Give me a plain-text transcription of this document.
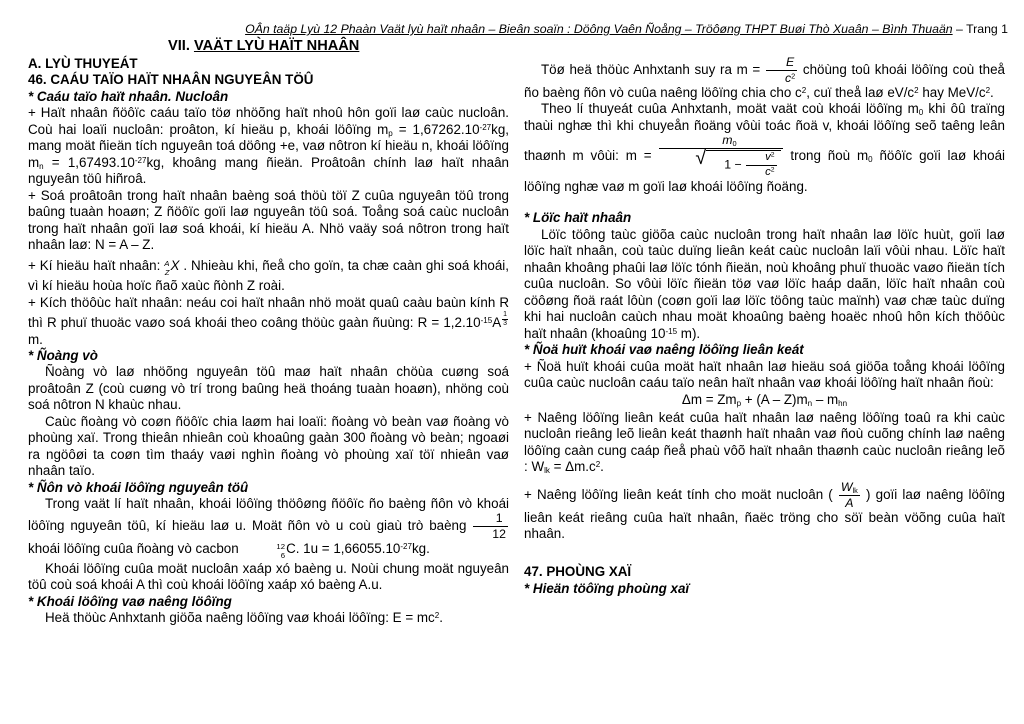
OÂn taäp Lyù 12 Phaàn Vaät lyù haït nhaân – Bieân soaïn : Döông Vaên Ñoång – Tröôøng THPT Buøi Thò Xuaân – Bình Thuaän – Trang 1
VII. VAÄT LYÙ HAÏT NHAÂN
A. LYÙ THUYEÁT
46. CAÁU TAÏO HAÏT NHAÂN NGUYEÂN TÖÛ
* Caáu taïo haït nhaân. Nucloân
+ Haït nhaân ñöôïc caáu taïo töø nhöõng haït nhoû hôn goïi laø caùc nucloân. Coù hai loaïi nucloân: proâton, kí hieäu p, khoái löôïng $m_p = 1,67262.10^{-27}kg$, mang moät ñieän tích nguyeân toá döông +e, vaø nôtron kí hieäu n, khoái löôïng $m_n = 1,67493.10^{-27}kg$, khoâng mang ñieän. Proâtoân chính laø haït nhaân nguyeân töû hiñroâ.
+ Soá proâtoân trong haït nhaân baèng soá thöù töï Z cuûa nguyeân töû trong baûng tuaàn hoaøn; Z ñöôïc goïi laø nguyeân töû soá. Toång soá caùc nucloân trong haït nhaân goïi laø soá khoái, kí hieäu A. Nhö vaäy soá nôtron trong haït nhaân laø: N = A – Z.
+ Kí hieäu haït nhaân: A
Z X . Nhieàu khi, ñeå cho goïn, ta chæ caàn ghi soá khoái, vì kí hieäu hoùa hoïc ñaõ xaùc ñònh Z roài.
+ Kích thöôùc haït nhaân: neáu coi haït nhaân nhö moät quaû caàu baùn kính R thì R phuï thuoäc vaøo soá khoái theo coâng thöùc gaàn ñuùng: $R = 1,2.10^{-15}A \frac{1}{3}$
m.
* Ñoàng vò
Ñoàng vò laø nhöõng nguyeân töû maø haït nhaân chöùa cuøng soá proâtoân Z (coù cuøng vò trí trong baûng heä thoáng tuaàn hoaøn), nhöng coù soá nôtron N khaùc nhau.
Caùc ñoàng vò coøn ñöôïc chia laøm hai loaïi: ñoàng vò beàn vaø ñoàng vò phoùng xaï. Trong thieân nhieân coù khoaûng gaàn 300 ñoàng vò beàn; ngoaøi ra ngöôøi ta coøn tìm thaáy vaøi nghìn ñoàng vò phoùng xaï töï nhieân vaø nhaân taïo.
* Ñôn vò khoái löôïng nguyeân töû
Trong vaät lí haït nhaân, khoái löôïng thöôøng ñöôïc ño baèng ñôn vò khoái löôïng nguyeân töû, kí hieäu laø u. Moät ñôn vò u coù giaù trò baèng $\frac{1}{12}$
khoái löôïng cuûa ñoàng vò cacbon	12
6 C. $1u = 1,66055.10^{-27}kg$.
Khoái löôïng cuûa moät nucloân xaáp xó baèng u. Noùi chung moät nguyeân töû coù soá khoái A thì coù khoái löôïng xaáp xó baèng A.u.
* Khoái löôïng vaø naêng löôïng
Heä thöùc Anhxtanh giöõa naêng löôïng vaø khoái löôïng: $E = mc^2$.
Töø heä thöùc Anhxtanh suy ra $m = \frac{E}{c^2}$ chöùng toû khoái löôïng coù theå ño baèng ñôn vò cuûa naêng löôïng chia cho $c^2$, cuï theå laø $eV/c^2$ hay MeV/$c^2$.
Theo lí thuyeát cuûa Anhxtanh, moät vaät coù khoái löôïng $m_0$ khi ôû traïng thaùi nghæ thì khi chuyeån ñoäng vôùi toác ñoä v, khoái löôïng seõ taêng leân thaønh m vôùi: $m = m_0$
√	$1 - \frac{v^2}{c^2}$ trong ñoù $m_0$ ñöôïc goïi laø khoái löôïng nghæ vaø m goïi laø khoái löôïng ñoäng.
* Löïc haït nhaân
Löïc töông taùc giöõa caùc nucloân trong haït nhaân laø löïc huùt, goïi laø löïc haït nhaân, coù taùc duïng lieân keát caùc nucloân laïi vôùi nhau. Löïc haït nhaân khoâng phaûi laø löïc tónh ñieän, noù khoâng phuï thuoäc vaøo ñieän tích cuûa nucloân. So vôùi löïc ñieän töø vaø löïc haáp daãn, löïc haït nhaân coù cöôøng ñoä raát lôùn (coøn goïi laø löïc töông taùc maïnh) vaø chæ taùc duïng khi hai nucloân caùch nhau moät khoaûng baèng hoaëc nhoû hôn kích thöôùc haït nhaân (khoaûng $10^{-15}$ m).
* Ñoä huït khoái vaø naêng löôïng lieân keát
+ Ñoä huït khoái cuûa moät haït nhaân laø hieäu soá giöõa toång khoái löôïng cuûa caùc nucloân caáu taïo neân haït nhaân vaø khoái löôïng haït nhaân ñoù:
$\Delta m = Zm_p + (A - Z)m_n - m_{hn}$
+ Naêng löôïng lieân keát cuûa haït nhaân laø naêng löôïng toaû ra khi caùc nucloân rieâng leõ lieân keát thaønh haït nhaân vaø ñoù cuõng chính laø naêng löôïng caàn cung caáp ñeå phaù vôõ haït nhaân thaønh caùc nucloân rieâng leõ : $W_{lk} = \Delta m.c^2$.
+ Naêng löôïng lieân keát tính cho moät nucloân ( $\frac{W_{lk}}{A}$ ) goïi laø naêng löôïng lieân keát rieâng cuûa haït nhaân, ñaëc tröng cho söï beàn vöõng cuûa haït nhaân.
47. PHOÙNG XAÏ
* Hieän töôïng phoùng xaï
